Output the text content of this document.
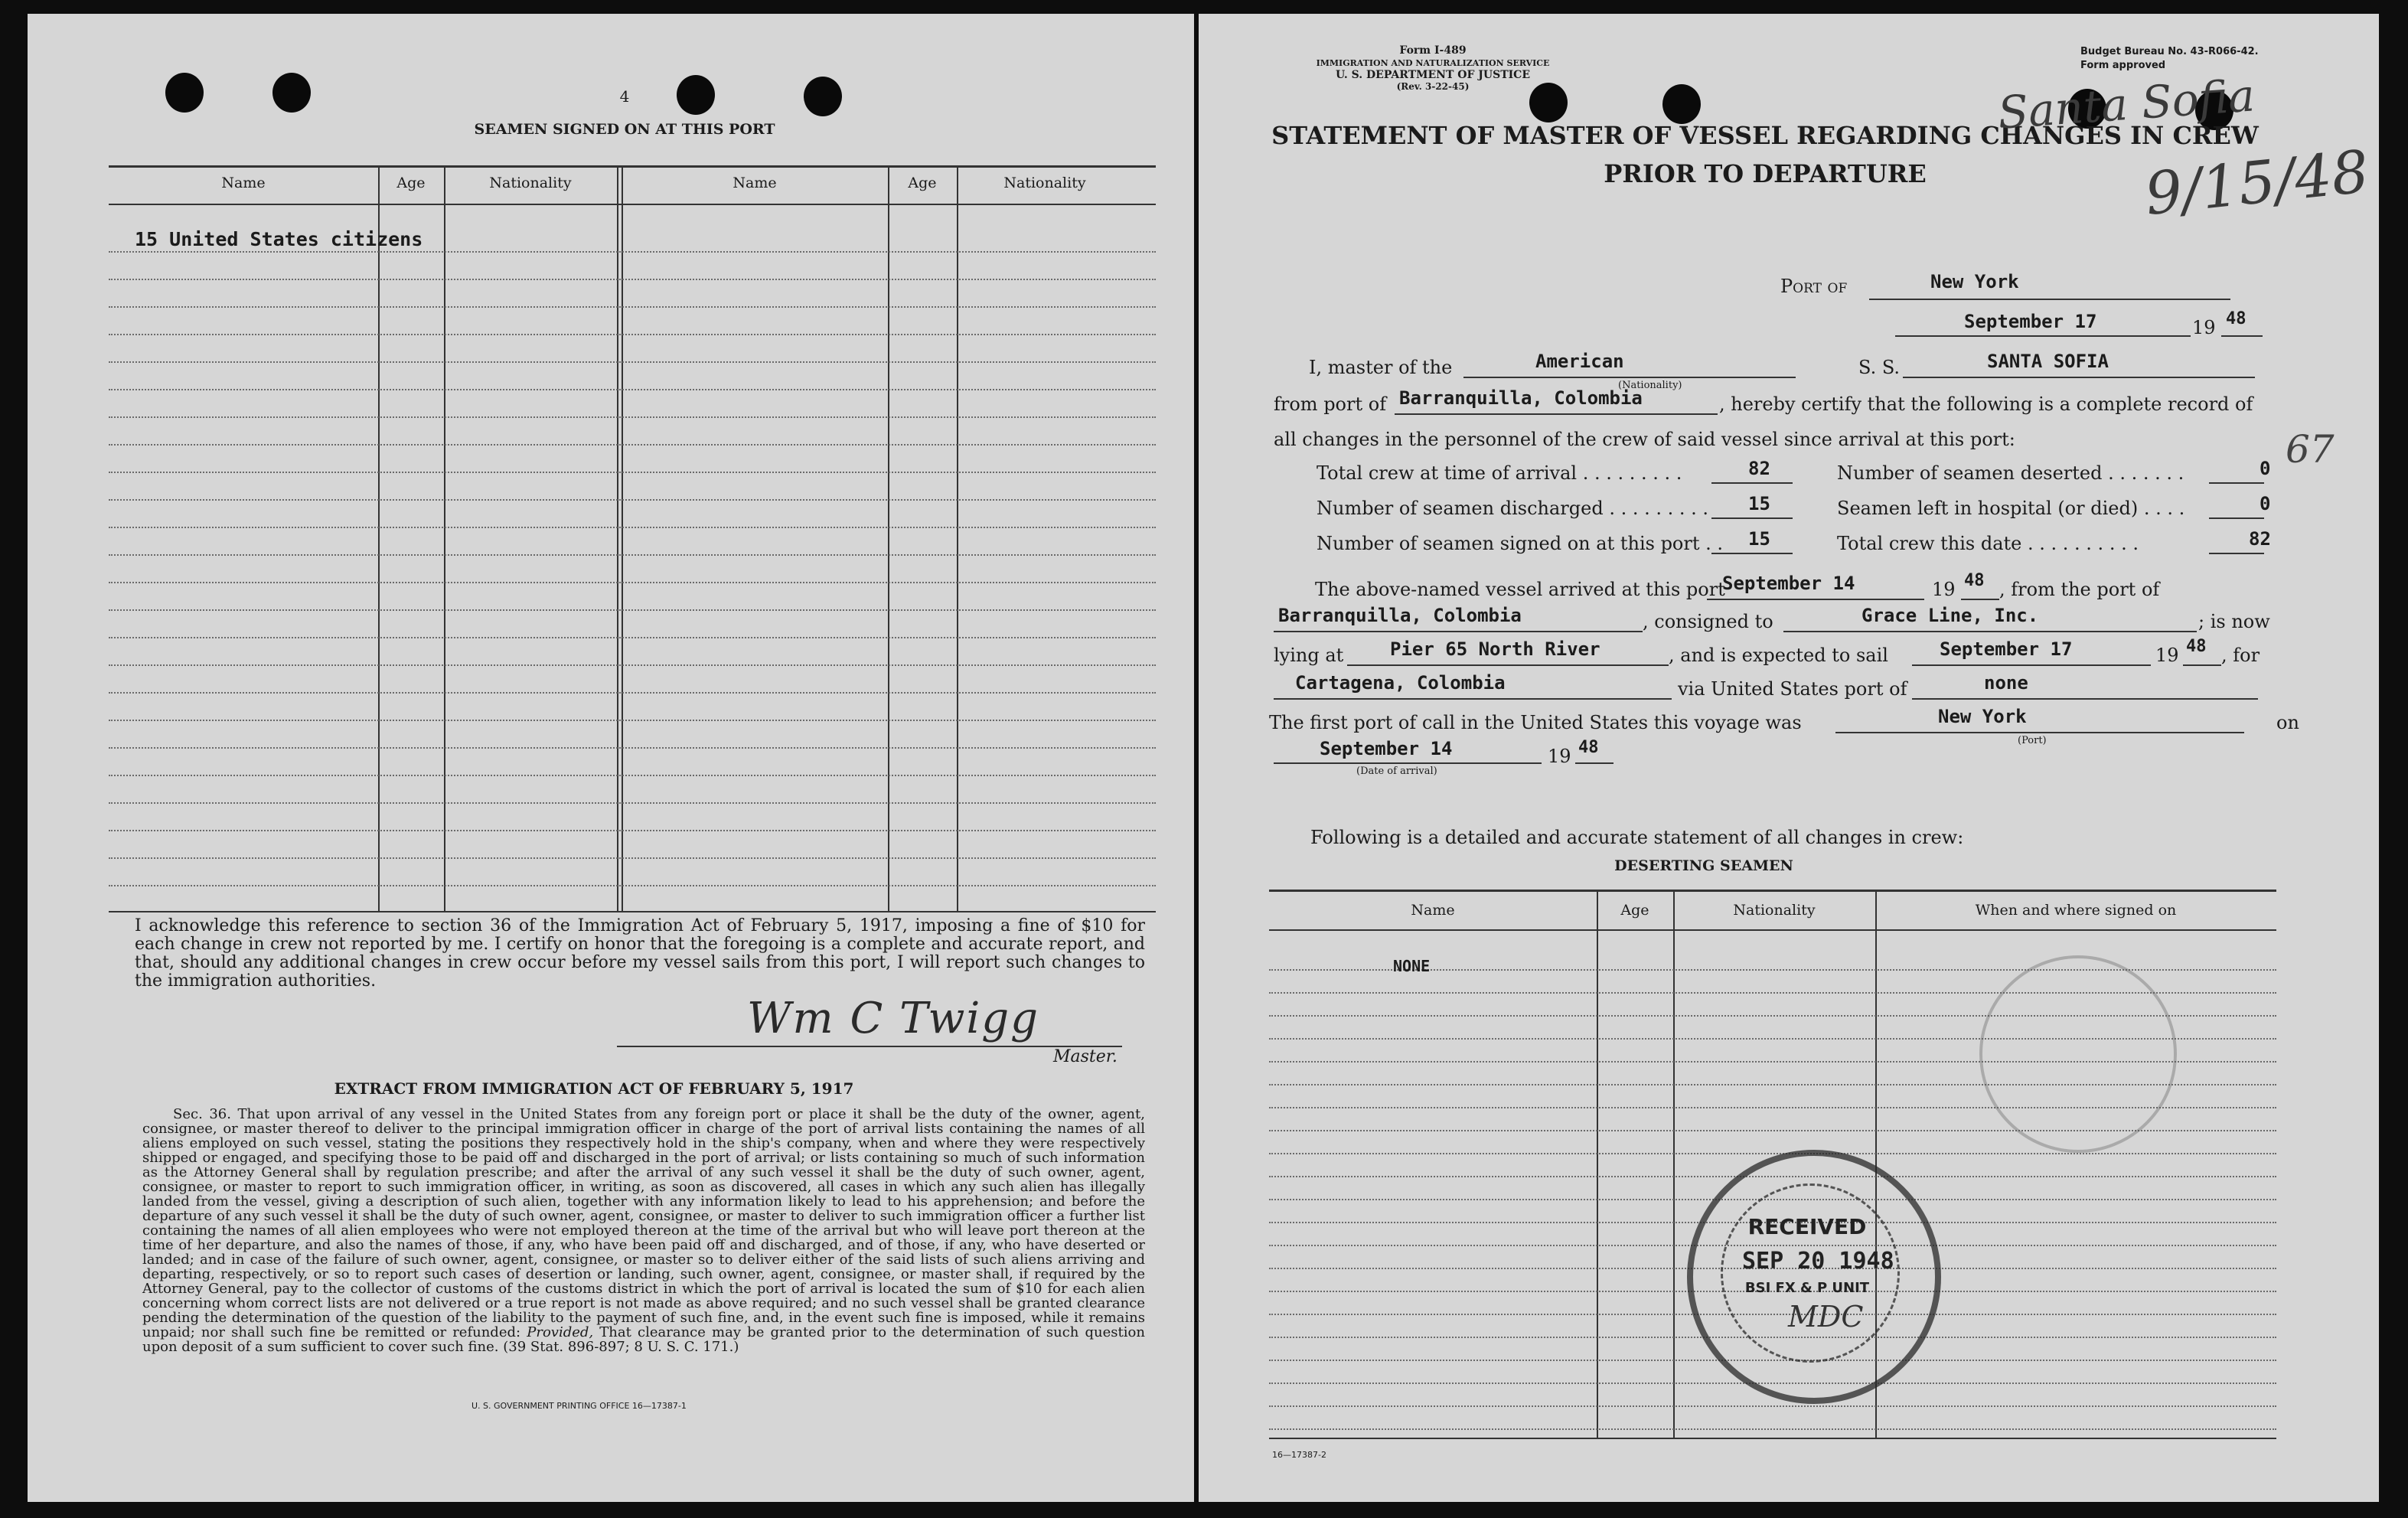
4
SEAMEN SIGNED ON AT THIS PORT
Name	Age	Nationality	Name	Age	Nationality
15 United States citizens
I acknowledge this reference to section 36 of the Immigration Act of February 5, 1917, imposing a fine of $10 for each change in crew not reported by me. I certify on honor that the foregoing is a complete and accurate report, and that, should any additional changes in crew occur before my vessel sails from this port, I will report such changes to the immigration authorities.
Wm C Twigg
Master.
EXTRACT FROM IMMIGRATION ACT OF FEBRUARY 5, 1917
Sec. 36. That upon arrival of any vessel in the United States from any foreign port or place it shall be the duty of the owner, agent, consignee, or master thereof to deliver to the principal immigration officer in charge of the port of arrival lists containing the names of all aliens employed on such vessel, stating the positions they respectively hold in the ship's company, when and where they were respectively shipped or engaged, and specifying those to be paid off and discharged in the port of arrival; or lists containing so much of such information as the Attorney General shall by regulation prescribe; and after the arrival of any such vessel it shall be the duty of such owner, agent, consignee, or master to report to such immigration officer, in writing, as soon as discovered, all cases in which any such alien has illegally landed from the vessel, giving a description of such alien, together with any information likely to lead to his apprehension; and before the departure of any such vessel it shall be the duty of such owner, agent, consignee, or master to deliver to such immigration officer a further list containing the names of all alien employees who were not employed thereon at the time of the arrival but who will leave port thereon at the time of her departure, and also the names of those, if any, who have been paid off and discharged, and of those, if any, who have deserted or landed; and in case of the failure of such owner, agent, consignee, or master so to deliver either of the said lists of such aliens arriving and departing, respectively, or so to report such cases of desertion or landing, such owner, agent, consignee, or master shall, if required by the Attorney General, pay to the collector of customs of the customs district in which the port of arrival is located the sum of $10 for each alien concerning whom correct lists are not delivered or a true report is not made as above required; and no such vessel shall be granted clearance pending the determination of the question of the liability to the payment of such fine, and, in the event such fine is imposed, while it remains unpaid; nor shall such fine be remitted or refunded: Provided, That clearance may be granted prior to the determination of such question upon deposit of a sum sufficient to cover such fine. (39 Stat. 896-897; 8 U. S. C. 171.)
U. S. GOVERNMENT PRINTING OFFICE 16—17387-1
Form I-489
IMMIGRATION AND NATURALIZATION SERVICE
U. S. DEPARTMENT OF JUSTICE
(Rev. 3-22-45)
Budget Bureau No. 43-R066-42.
Form approved
STATEMENT OF MASTER OF VESSEL REGARDING CHANGES IN CREW
PRIOR TO DEPARTURE
Santa Sofia
9/15/48
Port of	New York
September 17	19 48
I, master of the	American
(Nationality)
S. S.	SANTA SOFIA
from port of Barranquilla, Colombia	, hereby certify that the following is a complete record of
all changes in the personnel of the crew of said vessel since arrival at this port:	67
Total crew at time of arrival . . . . . . . . .	82
Number of seamen discharged . . . . . . . . . 15
Number of seamen signed on at this port . . 15
Number of seamen deserted . . . . . . .	0
Seamen left in hospital (or died) . . . .	0
Total crew this date . . . . . . . . . .	82
The above-named vessel arrived at this port
September 14	19 48 , from the port of
Barranquilla, Colombia	, consigned to	Grace Line, Inc.	; is now
lying at	Pier 65 North River	, and is expected to sail	September 17	19 48 , for
Cartagena, Colombia	via United States port of	none
The first port of call in the United States this voyage was	New York
(Port)
on
September 14
(Date of arrival)
19 48
Following is a detailed and accurate statement of all changes in crew:
DESERTING SEAMEN
Name	Age	Nationality	When and where signed on
NONE
16—17387-2
RECEIVED
SEP 20 1948
BSI FX & P UNIT
MDC
